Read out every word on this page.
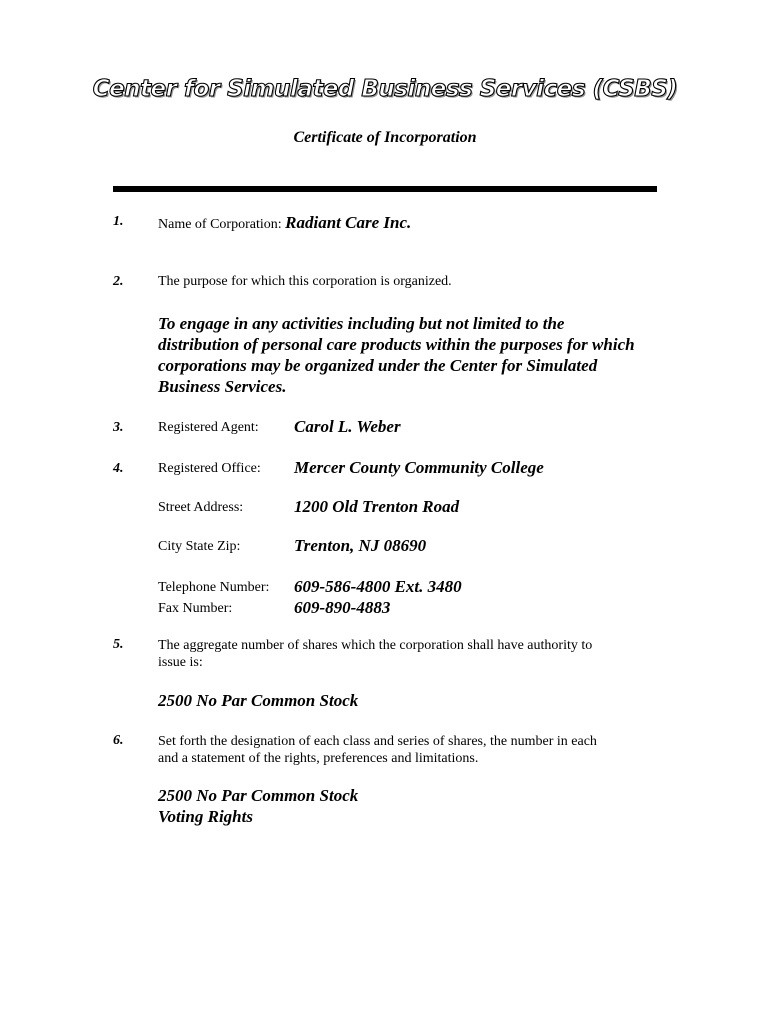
Center for Simulated Business Services (CSBS)
Certificate of Incorporation
1. Name of Corporation: Radiant Care Inc.
2. The purpose for which this corporation is organized.
To engage in any activities including but not limited to the
distribution of personal care products within the purposes for which
corporations may be organized under the Center for Simulated
Business Services.
3. Registered Agent: Carol L. Weber
4. Registered Office: Mercer County Community College
Street Address:	1200 Old Trenton Road
City State Zip:	Trenton, NJ 08690
Telephone Number: 609-586-4800 Ext. 3480
Fax Number:	609-890-4883
5. The aggregate number of shares which the corporation shall have authority to
issue is:
2500 No Par Common Stock
6. Set forth the designation of each class and series of shares, the number in each
and a statement of the rights, preferences and limitations.
2500 No Par Common Stock
Voting Rights
